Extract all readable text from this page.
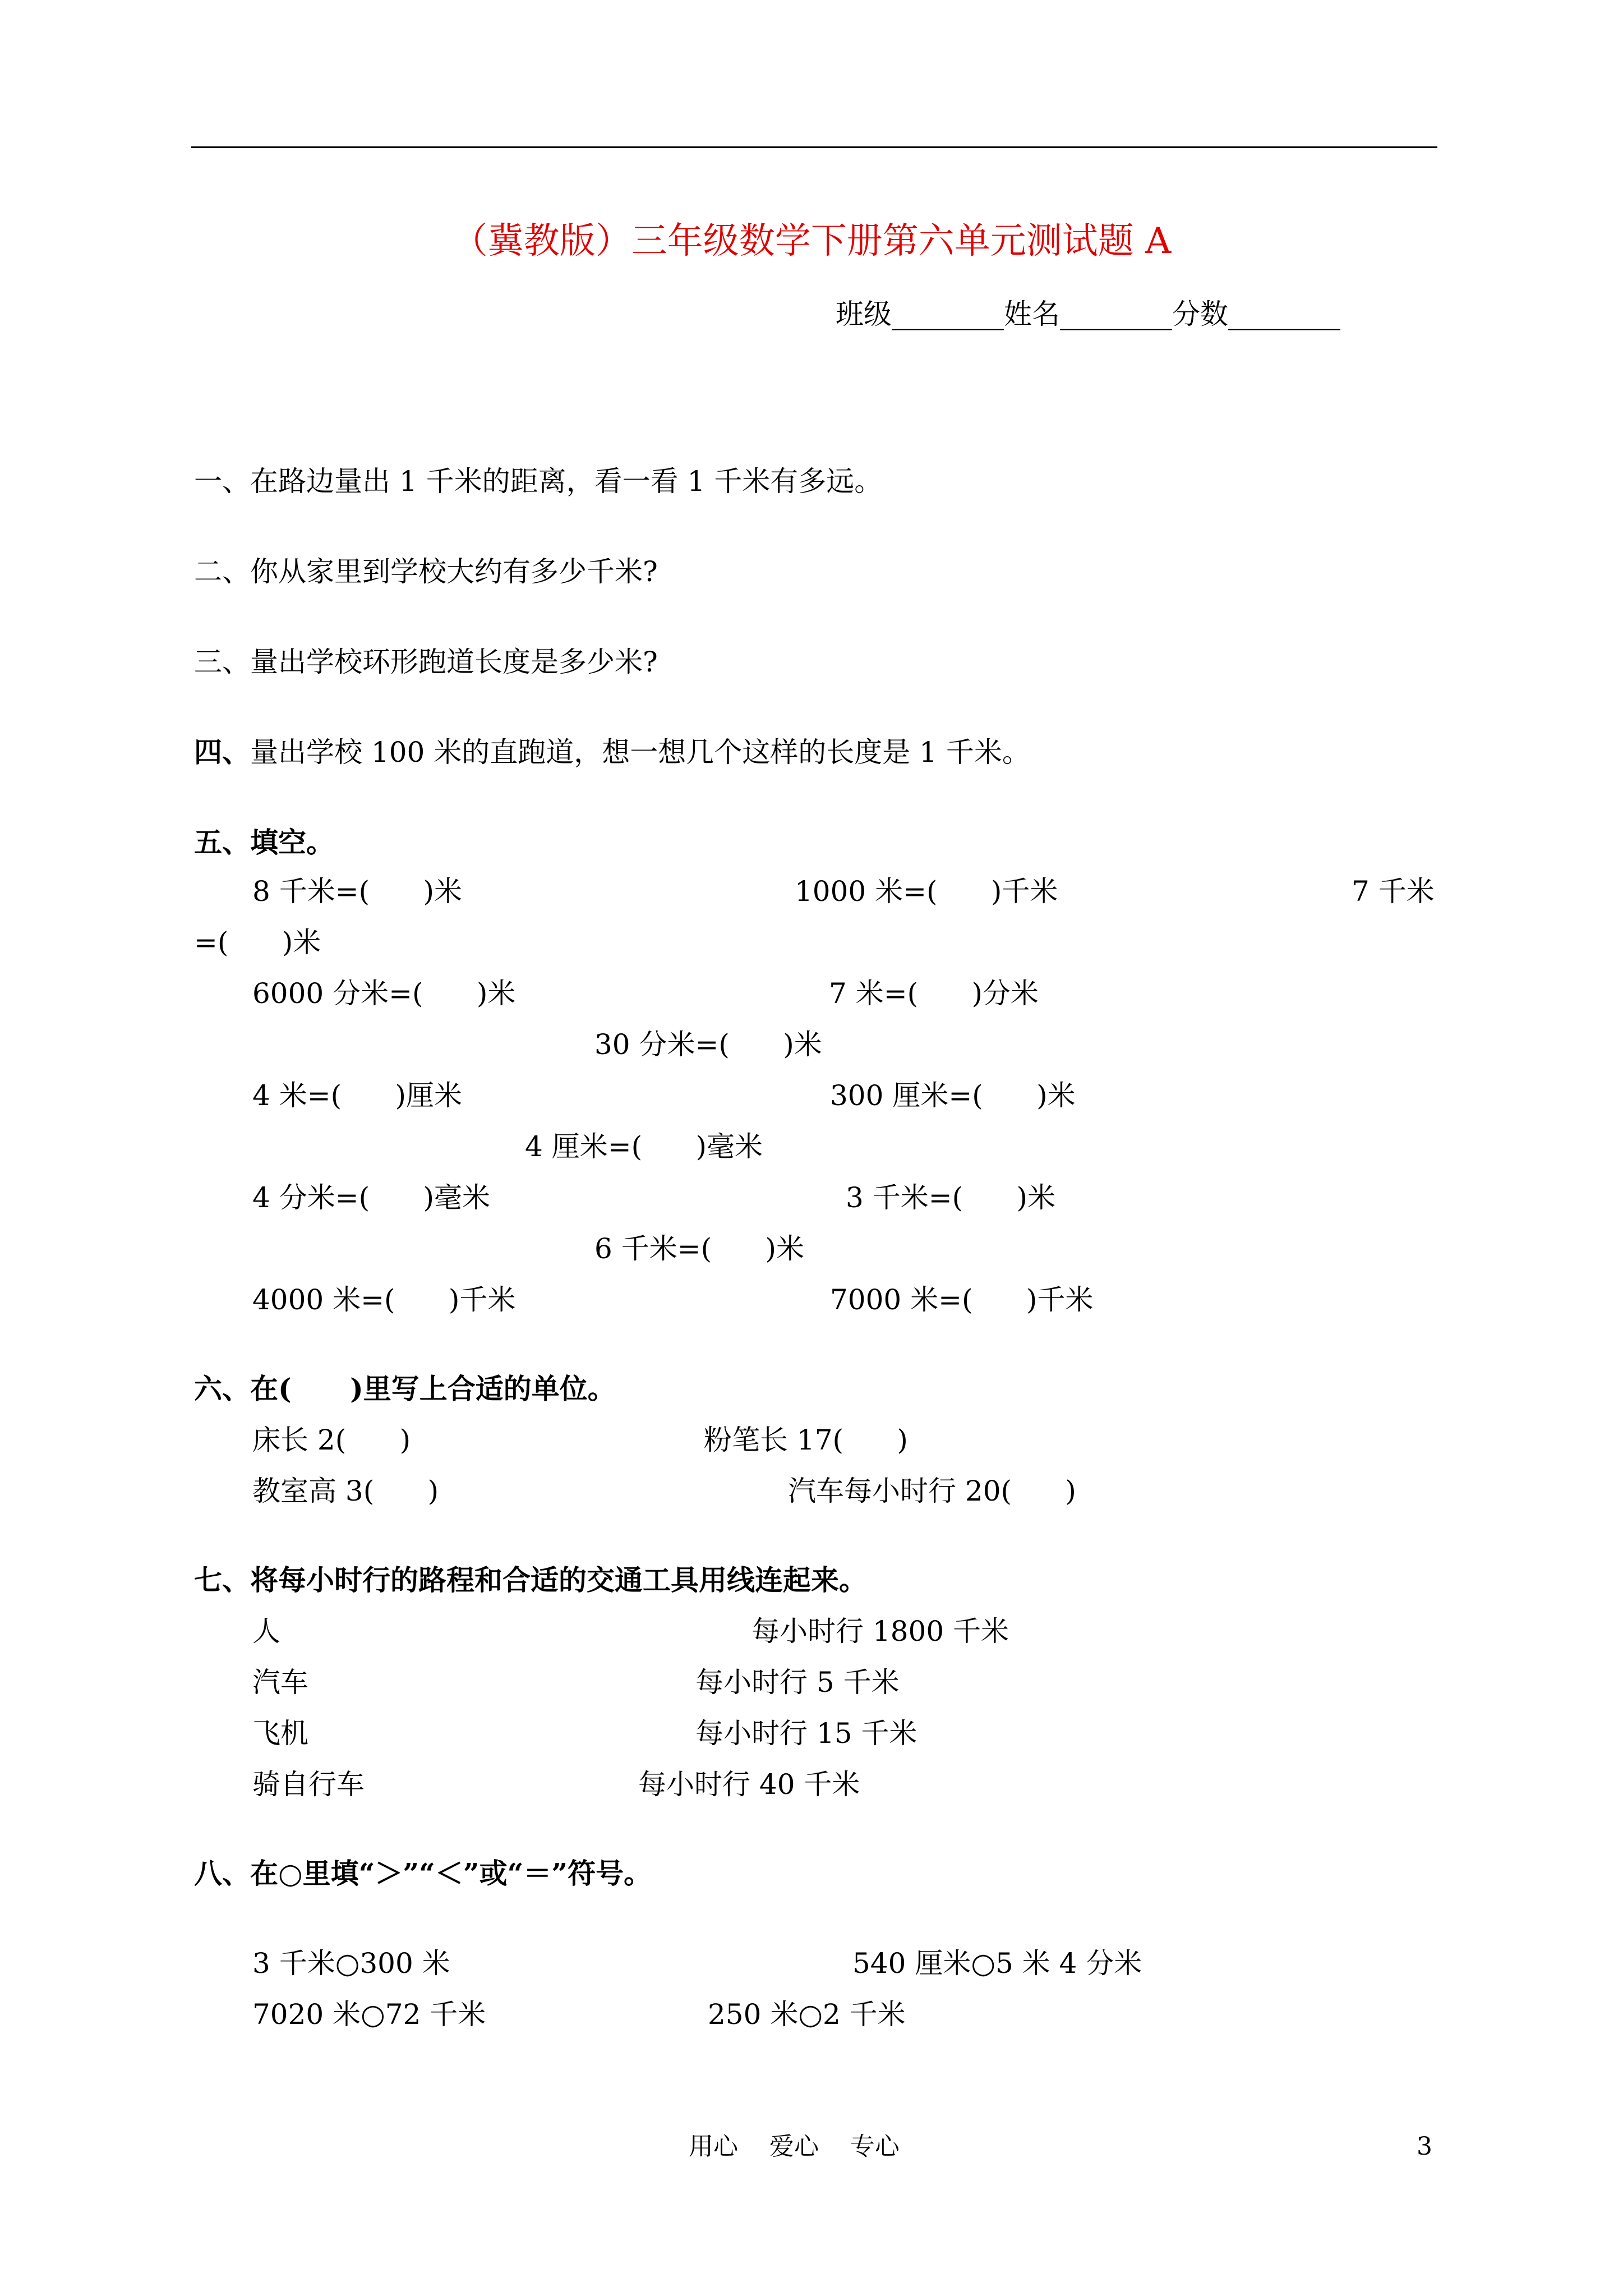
（冀教版）三年级数学下册第六单元测试题 A
班级________姓名________分数________
一、在路边量出 1 千米的距离，看一看 1 千米有多远。
二、你从家里到学校大约有多少千米?
三、量出学校环形跑道长度是多少米?
四、量出学校 100 米的直跑道，想一想几个这样的长度是 1 千米。
五、填空。
8 千米=(      )米	1000 米=(      )千米	7 千米
=(      )米
6000 分米=(      )米	7 米=(      )分米
30 分米=(      )米
4 米=(      )厘米	300 厘米=(      )米
4 厘米=(      )毫米
4 分米=(      )毫米	3 千米=(      )米
6 千米=(      )米
4000 米=(      )千米	7000 米=(      )千米
六、在(      )里写上合适的单位。
床长 2(      )	粉笔长 17(      )
教室高 3(      )	汽车每小时行 20(      )
七、将每小时行的路程和合适的交通工具用线连起来。
人	每小时行 1800 千米
汽车	每小时行 5 千米
飞机	每小时行 15 千米
骑自行车	每小时行 40 千米
八、在○里填“＞”“＜”或“＝”符号。
3 千米○300 米	540 厘米○5 米 4 分米
7020 米○72 千米	250 米○2 千米
用心    爱心    专心	3
